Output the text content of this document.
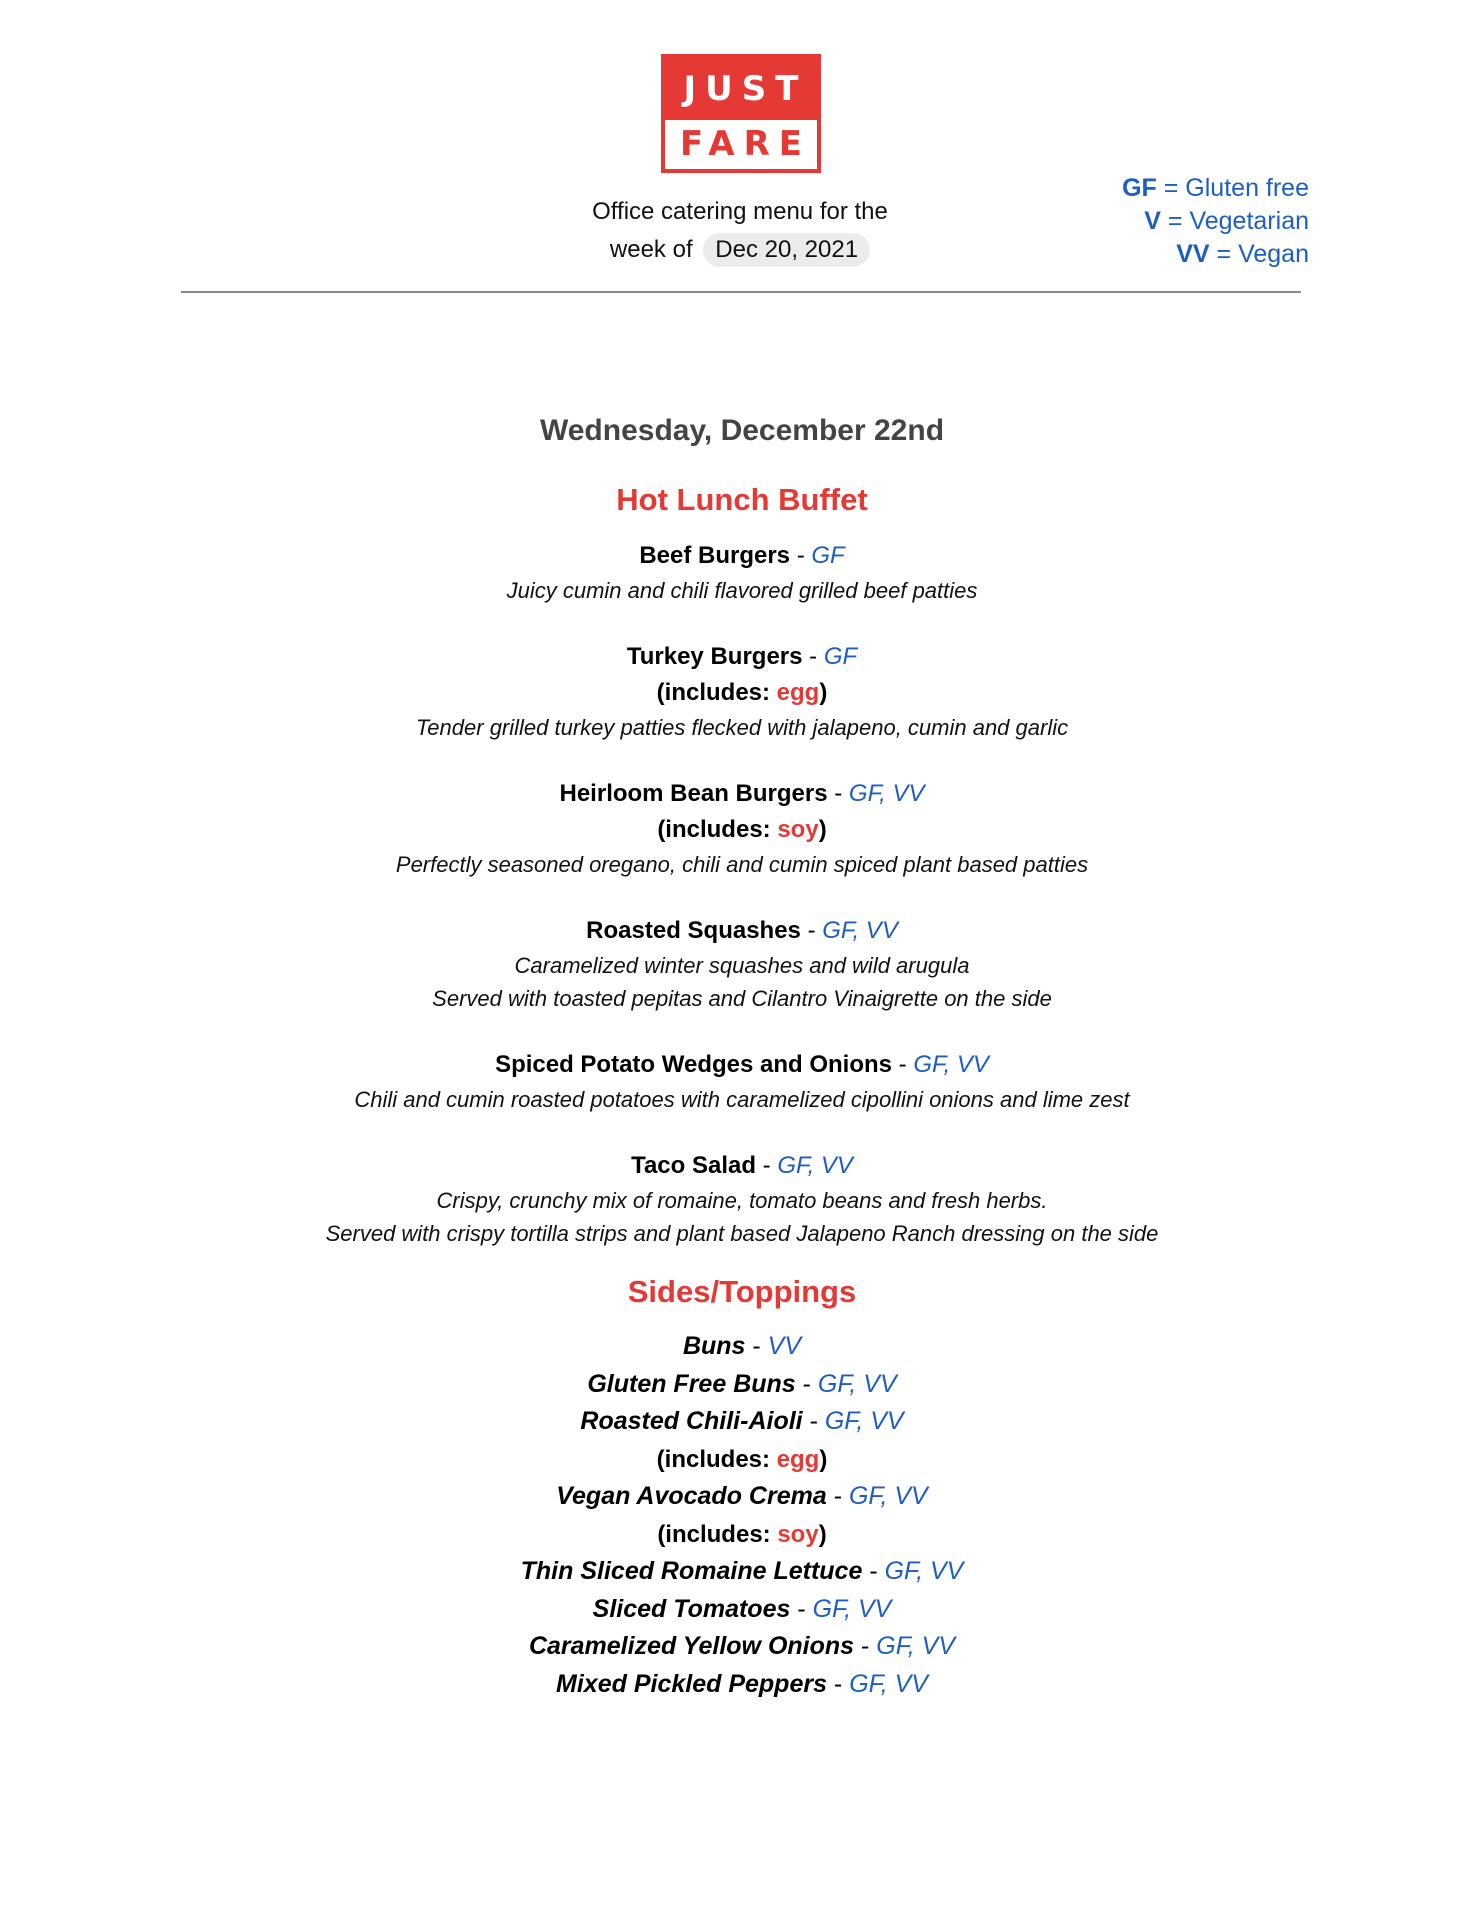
JUST
FARE
Office catering menu for the
week of Dec 20, 2021
GF = Gluten free
V = Vegetarian
VV = Vegan
Wednesday, December 22nd
Hot Lunch Buffet
Beef Burgers - GF
Juicy cumin and chili flavored grilled beef patties
Turkey Burgers - GF
(includes: egg)
Tender grilled turkey patties flecked with jalapeno, cumin and garlic
Heirloom Bean Burgers - GF, VV
(includes: soy)
Perfectly seasoned oregano, chili and cumin spiced plant based patties
Roasted Squashes - GF, VV
Caramelized winter squashes and wild arugula
Served with toasted pepitas and Cilantro Vinaigrette on the side
Spiced Potato Wedges and Onions - GF, VV
Chili and cumin roasted potatoes with caramelized cipollini onions and lime zest
Taco Salad - GF, VV
Crispy, crunchy mix of romaine, tomato beans and fresh herbs.
Served with crispy tortilla strips and plant based Jalapeno Ranch dressing on the side
Sides/Toppings
Buns - VV
Gluten Free Buns - GF, VV
Roasted Chili-Aioli - GF, VV
(includes: egg)
Vegan Avocado Crema - GF, VV
(includes: soy)
Thin Sliced Romaine Lettuce - GF, VV
Sliced Tomatoes - GF, VV
Caramelized Yellow Onions - GF, VV
Mixed Pickled Peppers - GF, VV
